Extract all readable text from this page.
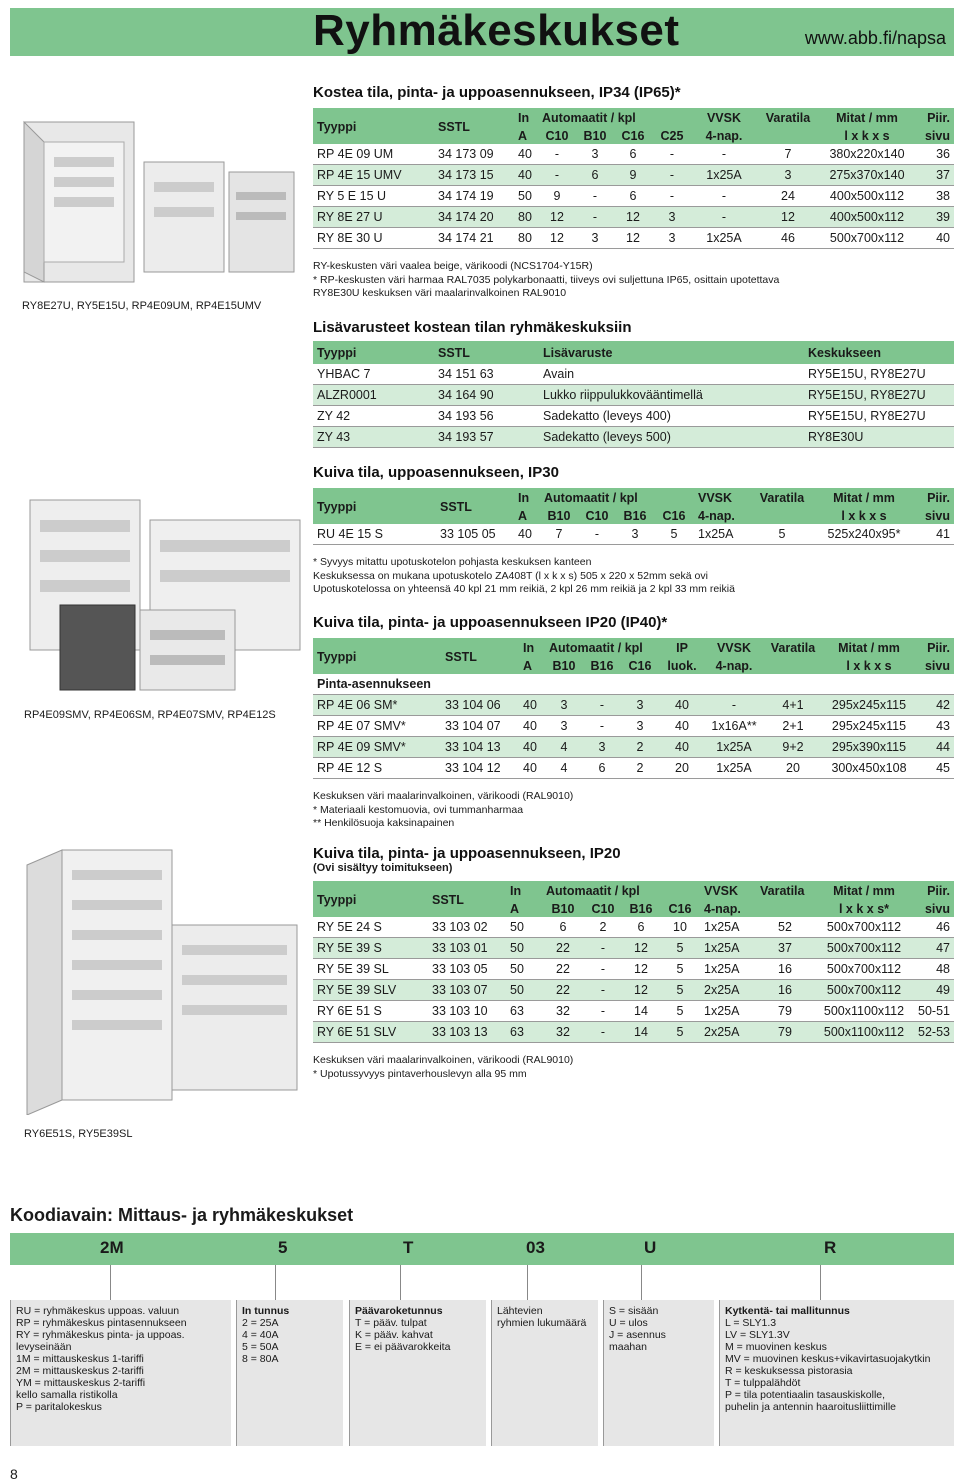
Ryhmäkeskukset	www.abb.fi/napsa
RY8E27U, RY5E15U, RP4E09UM, RP4E15UMV
RP4E09SMV, RP4E06SM, RP4E07SMV, RP4E12S
RY6E51S, RY5E39SL
Kostea tila, pinta- ja uppoasennukseen, IP34 (IP65)*
Tyyppi	SSTL	In	Automaatit / kpl				VVSK	Varatila	Mitat / mm	Piir.
		A	C10	B10	C16	C25	4-nap.		l x k x s	sivu
RP 4E 09 UM	34 173 09	40	-	3	6	-	-	7	380x220x140	36
RP 4E 15 UMV	34 173 15	40	-	6	9	-	1x25A	3	275x370x140	37
RY 5 E 15 U	34 174 19	50	9	-	6	-	-	24	400x500x112	38
RY 8E 27 U	34 174 20	80	12	-	12	3	-	12	400x500x112	39
RY 8E 30 U	34 174 21	80	12	3	12	3	1x25A	46	500x700x112	40
RY-keskusten väri vaalea beige, värikoodi (NCS1704-Y15R)
* RP-keskusten väri harmaa RAL7035 polykarbonaatti, tiiveys ovi suljettuna IP65, osittain upotettava
RY8E30U keskuksen väri maalarinvalkoinen RAL9010
Lisävarusteet kostean tilan ryhmäkeskuksiin
Tyyppi	SSTL	Lisävaruste	Keskukseen
YHBAC 7	34 151 63	Avain	RY5E15U, RY8E27U
ALZR0001	34 164 90	Lukko riippulukkovääntimellä	RY5E15U, RY8E27U
ZY 42	34 193 56	Sadekatto (leveys 400)	RY5E15U, RY8E27U
ZY 43	34 193 57	Sadekatto (leveys 500)	RY8E30U
Kuiva tila, uppoasennukseen, IP30
Tyyppi	SSTL	In	Automaatit / kpl				VVSK	Varatila	Mitat / mm	Piir.
		A	B10	C10	B16	C16	4-nap.		l x k x s	sivu
RU 4E 15 S	33 105 05	40	7	-	3	5	1x25A	5	525x240x95*	41
* Syvyys mitattu upotuskotelon pohjasta keskuksen kanteen
Keskuksessa on mukana upotuskotelo ZA408T (l x k x s) 505 x 220 x 52mm sekä ovi
Upotuskotelossa on yhteensä 40 kpl 21 mm reikiä, 2 kpl 26 mm reikiä ja 2 kpl 33 mm reikiä
Kuiva tila, pinta- ja uppoasennukseen IP20 (IP40)*
Tyyppi	SSTL	In	Automaatit / kpl			IP	VVSK	Varatila	Mitat / mm	Piir.
		A	B10	B16	C16	luok.	4-nap.		l x k x s	sivu
Pinta-asennukseen										
RP 4E 06 SM*	33 104 06	40	3	-	3	40	-	4+1	295x245x115	42
RP 4E 07 SMV*	33 104 07	40	3	-	3	40	1x16A**	2+1	295x245x115	43
RP 4E 09 SMV*	33 104 13	40	4	3	2	40	1x25A	9+2	295x390x115	44
RP 4E 12 S	33 104 12	40	4	6	2	20	1x25A	20	300x450x108	45
Keskuksen väri maalarinvalkoinen, värikoodi (RAL9010)
* Materiaali kestomuovia, ovi tummanharmaa
** Henkilösuoja kaksinapainen
Kuiva tila, pinta- ja uppoasennukseen, IP20
(Ovi sisältyy toimitukseen)
Tyyppi	SSTL	In	Automaatit / kpl				VVSK	Varatila	Mitat / mm	Piir.
		A	B10	C10	B16	C16	4-nap.		l x k x s*	sivu
RY 5E 24 S	33 103 02	50	6	2	6	10	1x25A	52	500x700x112	46
RY 5E 39 S	33 103 01	50	22	-	12	5	1x25A	37	500x700x112	47
RY 5E 39 SL	33 103 05	50	22	-	12	5	1x25A	16	500x700x112	48
RY 5E 39 SLV	33 103 07	50	22	-	12	5	2x25A	16	500x700x112	49
RY 6E 51 S	33 103 10	63	32	-	14	5	1x25A	79	500x1100x112	50-51
RY 6E 51 SLV	33 103 13	63	32	-	14	5	2x25A	79	500x1100x112	52-53
Keskuksen väri maalarinvalkoinen, värikoodi (RAL9010)
* Upotussyvyys pintaverhouslevyn alla 95 mm
Koodiavain: Mittaus- ja ryhmäkeskukset
2M	5	T	03	U	R
RU = ryhmäkeskus uppoas. valuun
RP = ryhmäkeskus pintasennukseen
RY = ryhmäkeskus pinta- ja uppoas.
levyseinään
1M = mittauskeskus 1-tariffi
2M = mittauskeskus 2-tariffi
YM = mittauskeskus 2-tariffi
kello samalla ristikolla
P = paritalokeskus
In tunnus
2 = 25A
4 = 40A
5 = 50A
8 = 80A
Päävaroketunnus
T = pääv. tulpat
K = pääv. kahvat
E = ei päävarokkeita
Lähtevien
ryhmien lukumäärä
S = sisään
U = ulos
J = asennus
maahan
Kytkentä- tai mallitunnus
L = SLY1.3
LV = SLY1.3V
M = muovinen keskus
MV = muovinen keskus+vikavirtasuojakytkin
R = keskuksessa pistorasia
T = tulppalähdöt
P = tila potentiaalin tasauskiskolle,
puhelin ja antennin haaroitusliittimille
8
